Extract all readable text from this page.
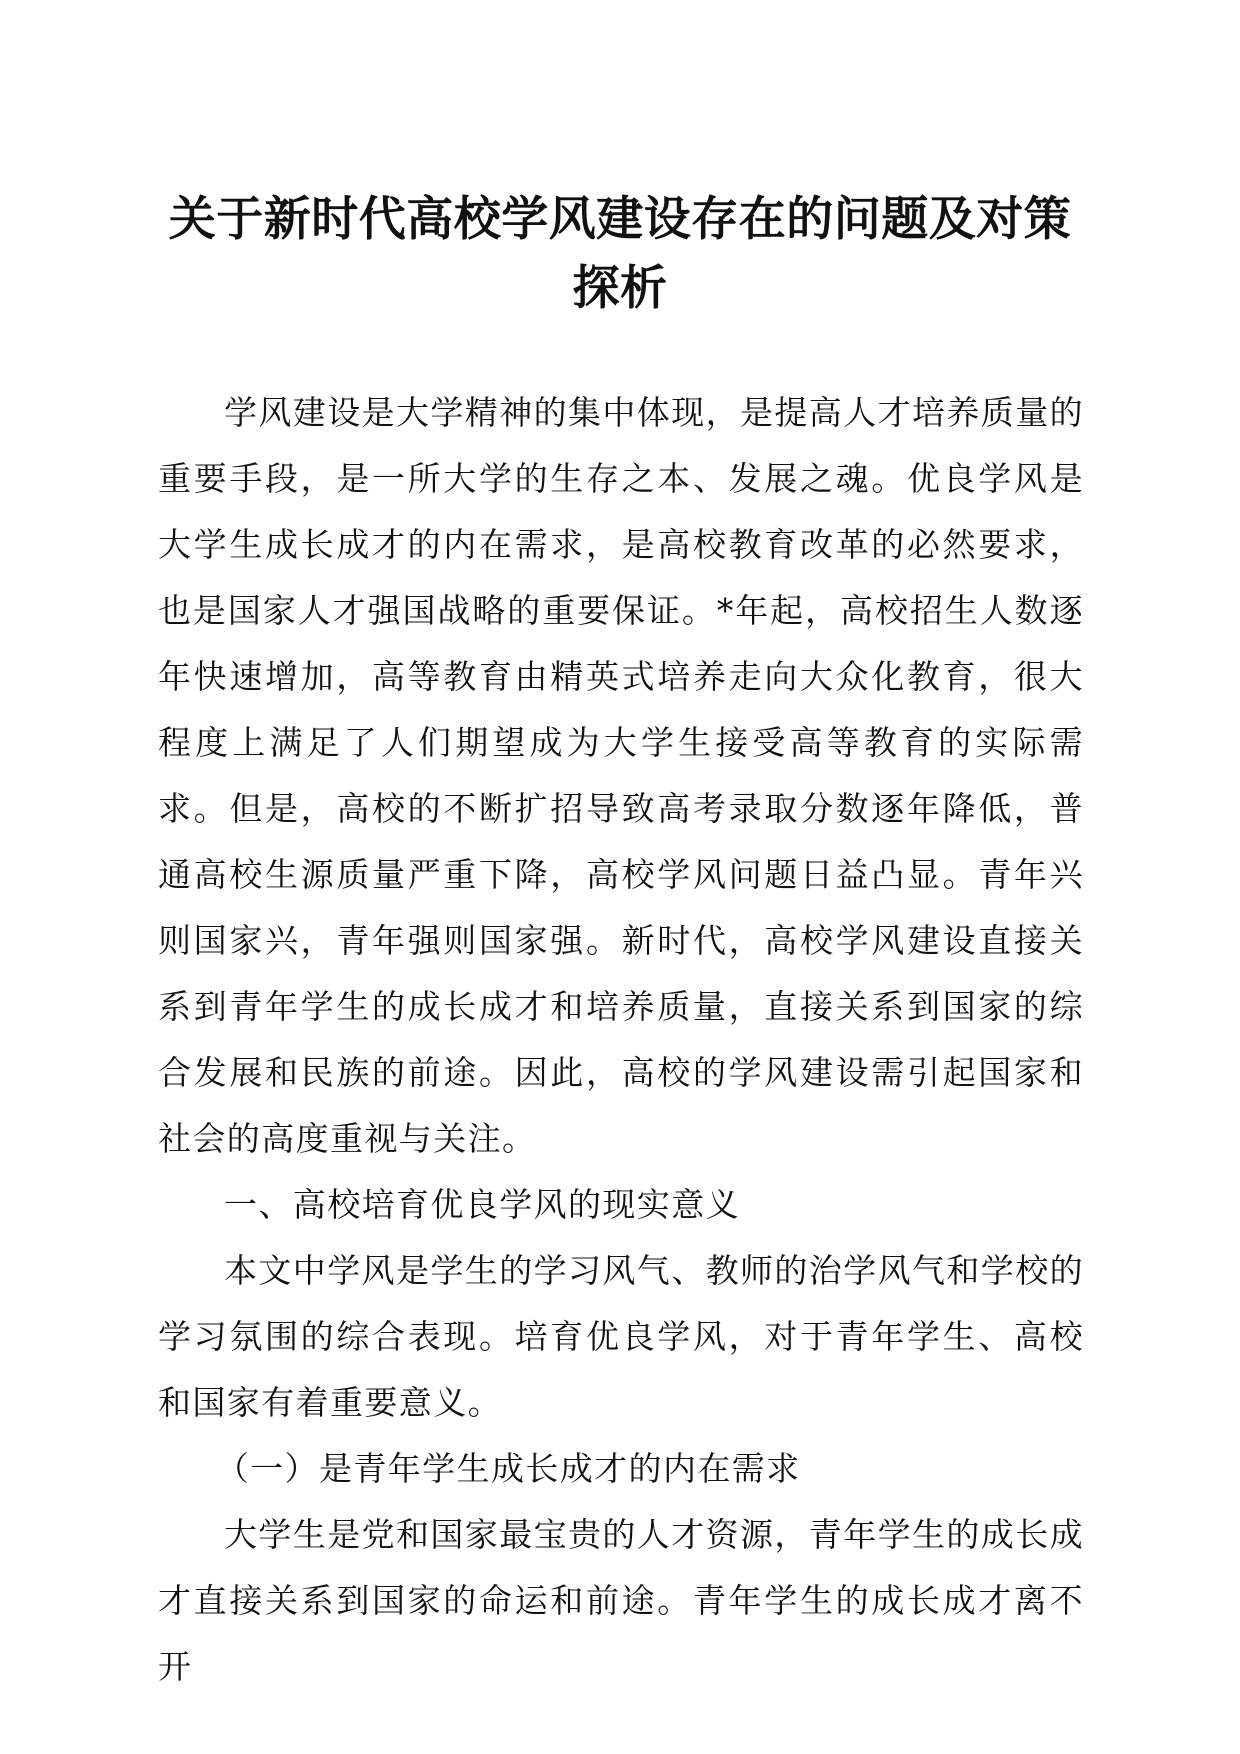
关于新时代高校学风建设存在的问题及对策探析

学风建设是大学精神的集中体现，是提高人才培养质量的重要手段，是一所大学的生存之本、发展之魂。优良学风是大学生成长成才的内在需求，是高校教育改革的必然要求，也是国家人才强国战略的重要保证。*年起，高校招生人数逐年快速增加，高等教育由精英式培养走向大众化教育，很大程度上满足了人们期望成为大学生接受高等教育的实际需求。但是，高校的不断扩招导致高考录取分数逐年降低，普通高校生源质量严重下降，高校学风问题日益凸显。青年兴则国家兴，青年强则国家强。新时代，高校学风建设直接关系到青年学生的成长成才和培养质量，直接关系到国家的综合发展和民族的前途。因此，高校的学风建设需引起国家和社会的高度重视与关注。

一、高校培育优良学风的现实意义

本文中学风是学生的学习风气、教师的治学风气和学校的学习氛围的综合表现。培育优良学风，对于青年学生、高校和国家有着重要意义。

（一）是青年学生成长成才的内在需求

大学生是党和国家最宝贵的人才资源，青年学生的成长成才直接关系到国家的命运和前途。青年学生的成长成才离不开
